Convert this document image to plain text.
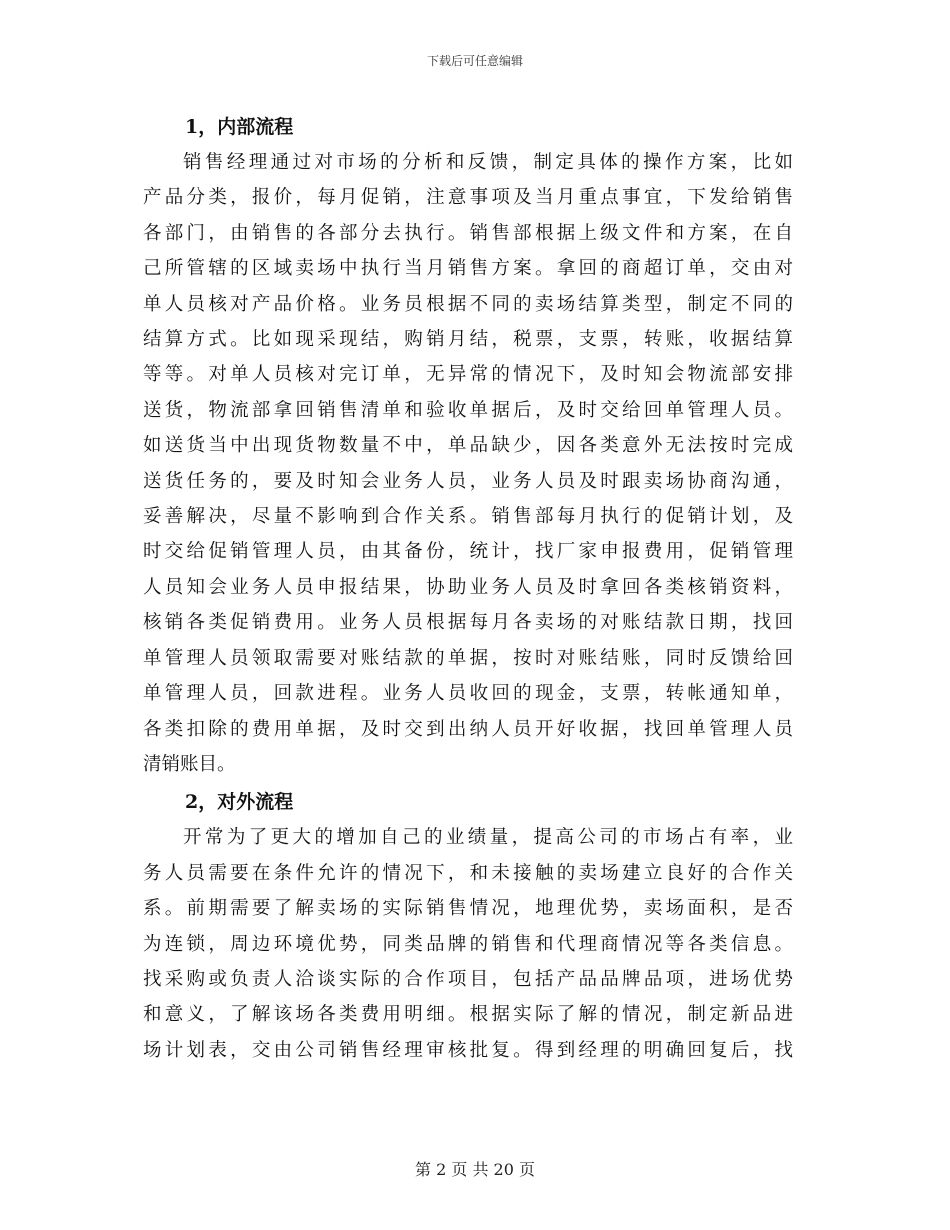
下载后可任意编辑
1，内部流程
销售经理通过对市场的分析和反馈，制定具体的操作方案，比如
产品分类，报价，每月促销，注意事项及当月重点事宜，下发给销售
各部门，由销售的各部分去执行。销售部根据上级文件和方案，在自
己所管辖的区域卖场中执行当月销售方案。拿回的商超订单，交由对
单人员核对产品价格。业务员根据不同的卖场结算类型，制定不同的
结算方式。比如现采现结，购销月结，税票，支票，转账，收据结算
等等。对单人员核对完订单，无异常的情况下，及时知会物流部安排
送货，物流部拿回销售清单和验收单据后，及时交给回单管理人员。
如送货当中出现货物数量不中，单品缺少，因各类意外无法按时完成
送货任务的，要及时知会业务人员，业务人员及时跟卖场协商沟通，
妥善解决，尽量不影响到合作关系。销售部每月执行的促销计划，及
时交给促销管理人员，由其备份，统计，找厂家申报费用，促销管理
人员知会业务人员申报结果，协助业务人员及时拿回各类核销资料，
核销各类促销费用。业务人员根据每月各卖场的对账结款日期，找回
单管理人员领取需要对账结款的单据，按时对账结账，同时反馈给回
单管理人员，回款进程。业务人员收回的现金，支票，转帐通知单，
各类扣除的费用单据，及时交到出纳人员开好收据，找回单管理人员
清销账目。
2，对外流程
开常为了更大的增加自己的业绩量，提高公司的市场占有率，业
务人员需要在条件允许的情况下，和未接触的卖场建立良好的合作关
系。前期需要了解卖场的实际销售情况，地理优势，卖场面积，是否
为连锁，周边环境优势，同类品牌的销售和代理商情况等各类信息。
找采购或负责人洽谈实际的合作项目，包括产品品牌品项，进场优势
和意义，了解该场各类费用明细。根据实际了解的情况，制定新品进
场计划表，交由公司销售经理审核批复。得到经理的明确回复后，找
第 2 页 共 20 页
